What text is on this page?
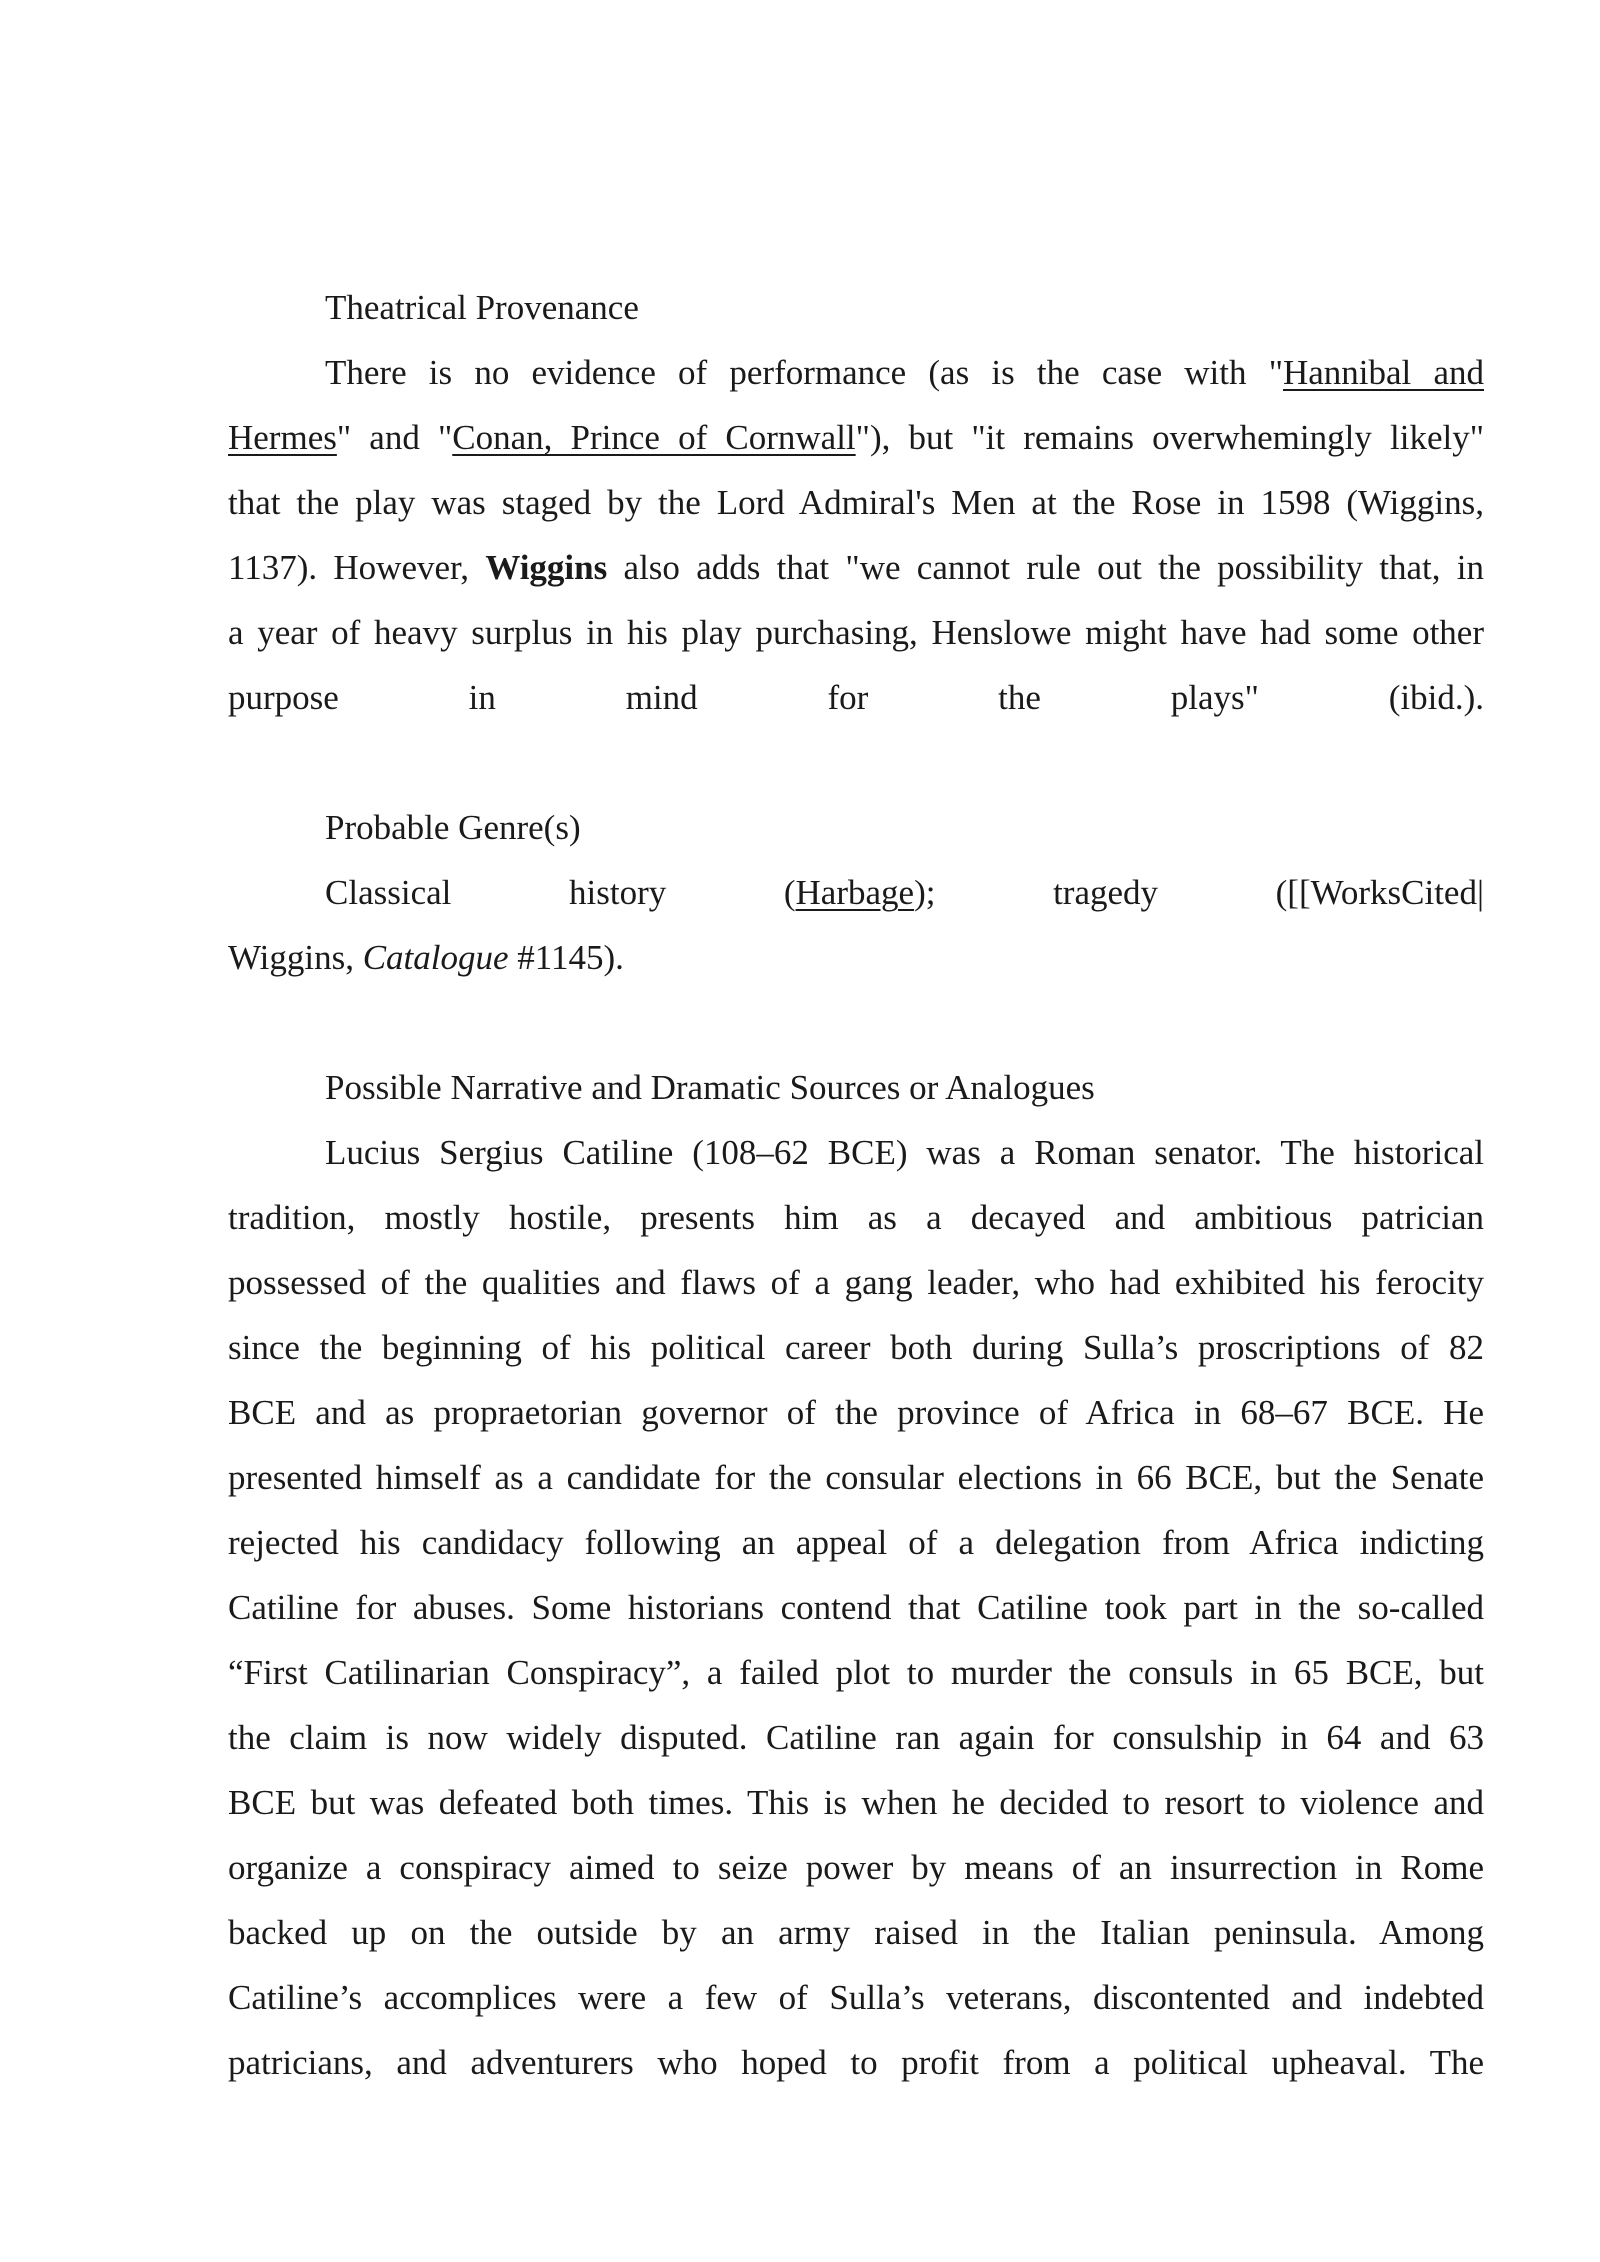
Theatrical Provenance
There is no evidence of performance (as is the case with "Hannibal and
Hermes" and "Conan, Prince of Cornwall"), but "it remains overwhemingly likely"
that the play was staged by the Lord Admiral's Men at the Rose in 1598 (Wiggins,
1137). However, Wiggins also adds that "we cannot rule out the possibility that, in
a year of heavy surplus in his play purchasing, Henslowe might have had some other
purpose	in	mind	for	the	plays"	(ibid.).
Probable Genre(s)
Classical	history	(Harbage);	tragedy	([[WorksCited|
Wiggins, Catalogue #1145).
Possible Narrative and Dramatic Sources or Analogues
Lucius Sergius Catiline (108–62 BCE) was a Roman senator. The historical
tradition, mostly hostile, presents him as a decayed and ambitious patrician
possessed of the qualities and flaws of a gang leader, who had exhibited his ferocity
since the beginning of his political career both during Sulla’s proscriptions of 82
BCE and as propraetorian governor of the province of Africa in 68–67 BCE. He
presented himself as a candidate for the consular elections in 66 BCE, but the Senate
rejected his candidacy following an appeal of a delegation from Africa indicting
Catiline for abuses. Some historians contend that Catiline took part in the so-called
“First Catilinarian Conspiracy”, a failed plot to murder the consuls in 65 BCE, but
the claim is now widely disputed. Catiline ran again for consulship in 64 and 63
BCE but was defeated both times. This is when he decided to resort to violence and
organize a conspiracy aimed to seize power by means of an insurrection in Rome
backed up on the outside by an army raised in the Italian peninsula. Among
Catiline’s accomplices were a few of Sulla’s veterans, discontented and indebted
patricians, and adventurers who hoped to profit from a political upheaval. The
